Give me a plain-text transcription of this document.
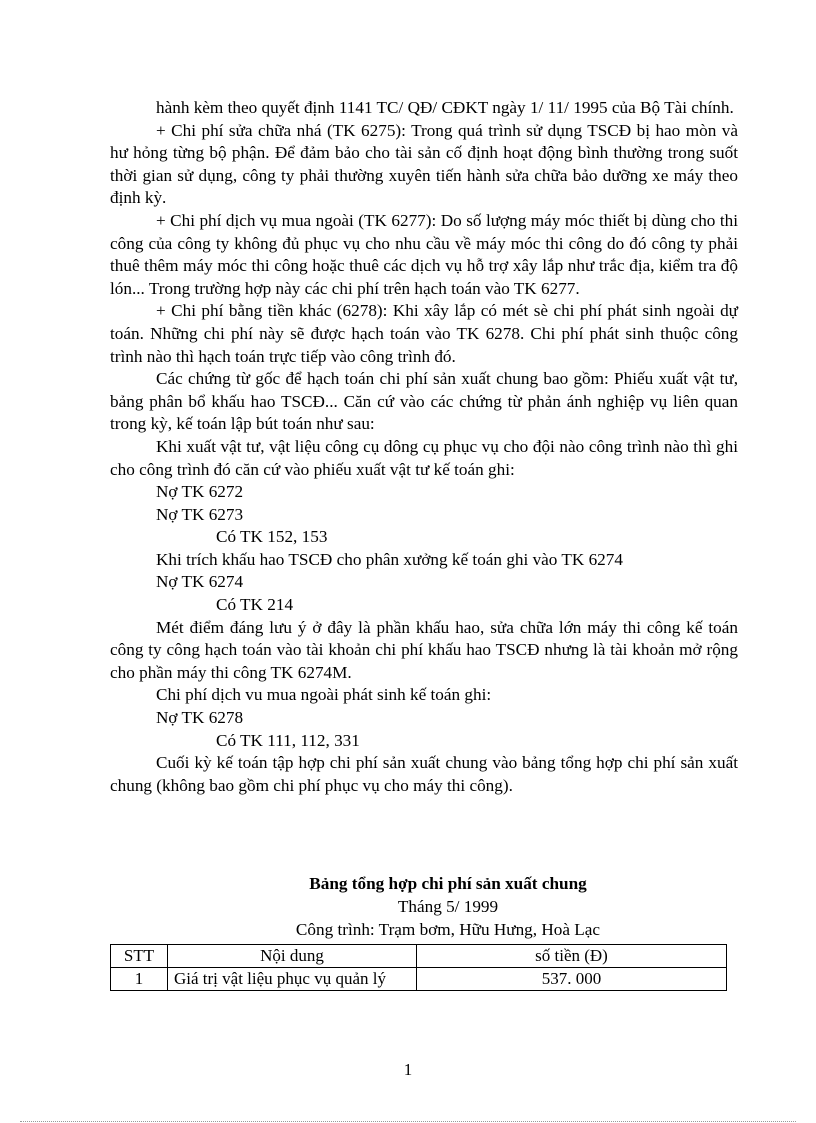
hành kèm theo quyết định 1141 TC/ QĐ/ CĐKT ngày 1/ 11/ 1995 của Bộ Tài chính.

+ Chi phí sửa chữa nhá (TK 6275): Trong quá trình sử dụng TSCĐ bị hao mòn và hư hỏng từng bộ phận. Để đảm bảo cho tài sản cố định hoạt động bình thường trong suốt thời gian sử dụng, công ty phải thường xuyên tiến hành sửa chữa bảo dưỡng xe máy theo định kỳ.

+ Chi phí dịch vụ mua ngoài (TK 6277): Do số lượng máy móc thiết bị dùng cho thi công của công ty không đủ phục vụ cho nhu cầu về máy móc thi công do đó công ty phải thuê thêm máy móc thi công hoặc thuê các dịch vụ hỗ trợ xây lắp như trắc địa, kiểm tra độ lón... Trong trường hợp này các chi phí trên hạch toán vào TK 6277.

+ Chi phí bằng tiền khác (6278): Khi xây lắp có mét sè chi phí phát sinh ngoài dự toán. Những chi phí này sẽ được hạch toán vào TK 6278. Chi phí phát sinh thuộc công trình nào thì hạch toán trực tiếp vào công trình đó.

Các chứng từ gốc để hạch toán chi phí sản xuất chung bao gồm: Phiếu xuất vật tư, bảng phân bổ khấu hao TSCĐ... Căn cứ vào các chứng từ phản ánh nghiệp vụ liên quan trong kỳ, kế toán lập bút toán như sau:

Khi xuất vật tư, vật liệu công cụ dông cụ phục vụ cho đội nào công trình nào thì ghi cho công trình đó căn cứ vào phiếu xuất vật tư kế toán ghi:

Nợ TK 6272

Nợ TK 6273

Có TK 152, 153

Khi trích khấu hao TSCĐ cho phân xưởng kế toán ghi vào TK 6274

Nợ TK 6274

Có TK 214

Mét điểm đáng lưu ý ở đây là phần khấu hao, sửa chữa lớn máy thi công kế toán công ty công hạch toán vào tài khoản chi phí khấu hao TSCĐ nhưng là tài khoản mở rộng cho phần máy thi công TK 6274M.

Chi phí dịch vu mua ngoài phát sinh kế toán ghi:

Nợ TK 6278

Có TK 111, 112, 331

Cuối kỳ kế toán tập hợp chi phí sản xuất chung vào bảng tổng hợp chi phí sản xuất chung (không bao gồm chi phí phục vụ cho máy thi công).

Bảng tổng hợp chi phí sản xuất chung
Tháng 5/ 1999
Công trình: Trạm bơm, Hữu Hưng, Hoà Lạc
STT	Nội dung	số tiền (Đ)
1	Giá trị vật liệu phục vụ quản lý	537. 000
1
